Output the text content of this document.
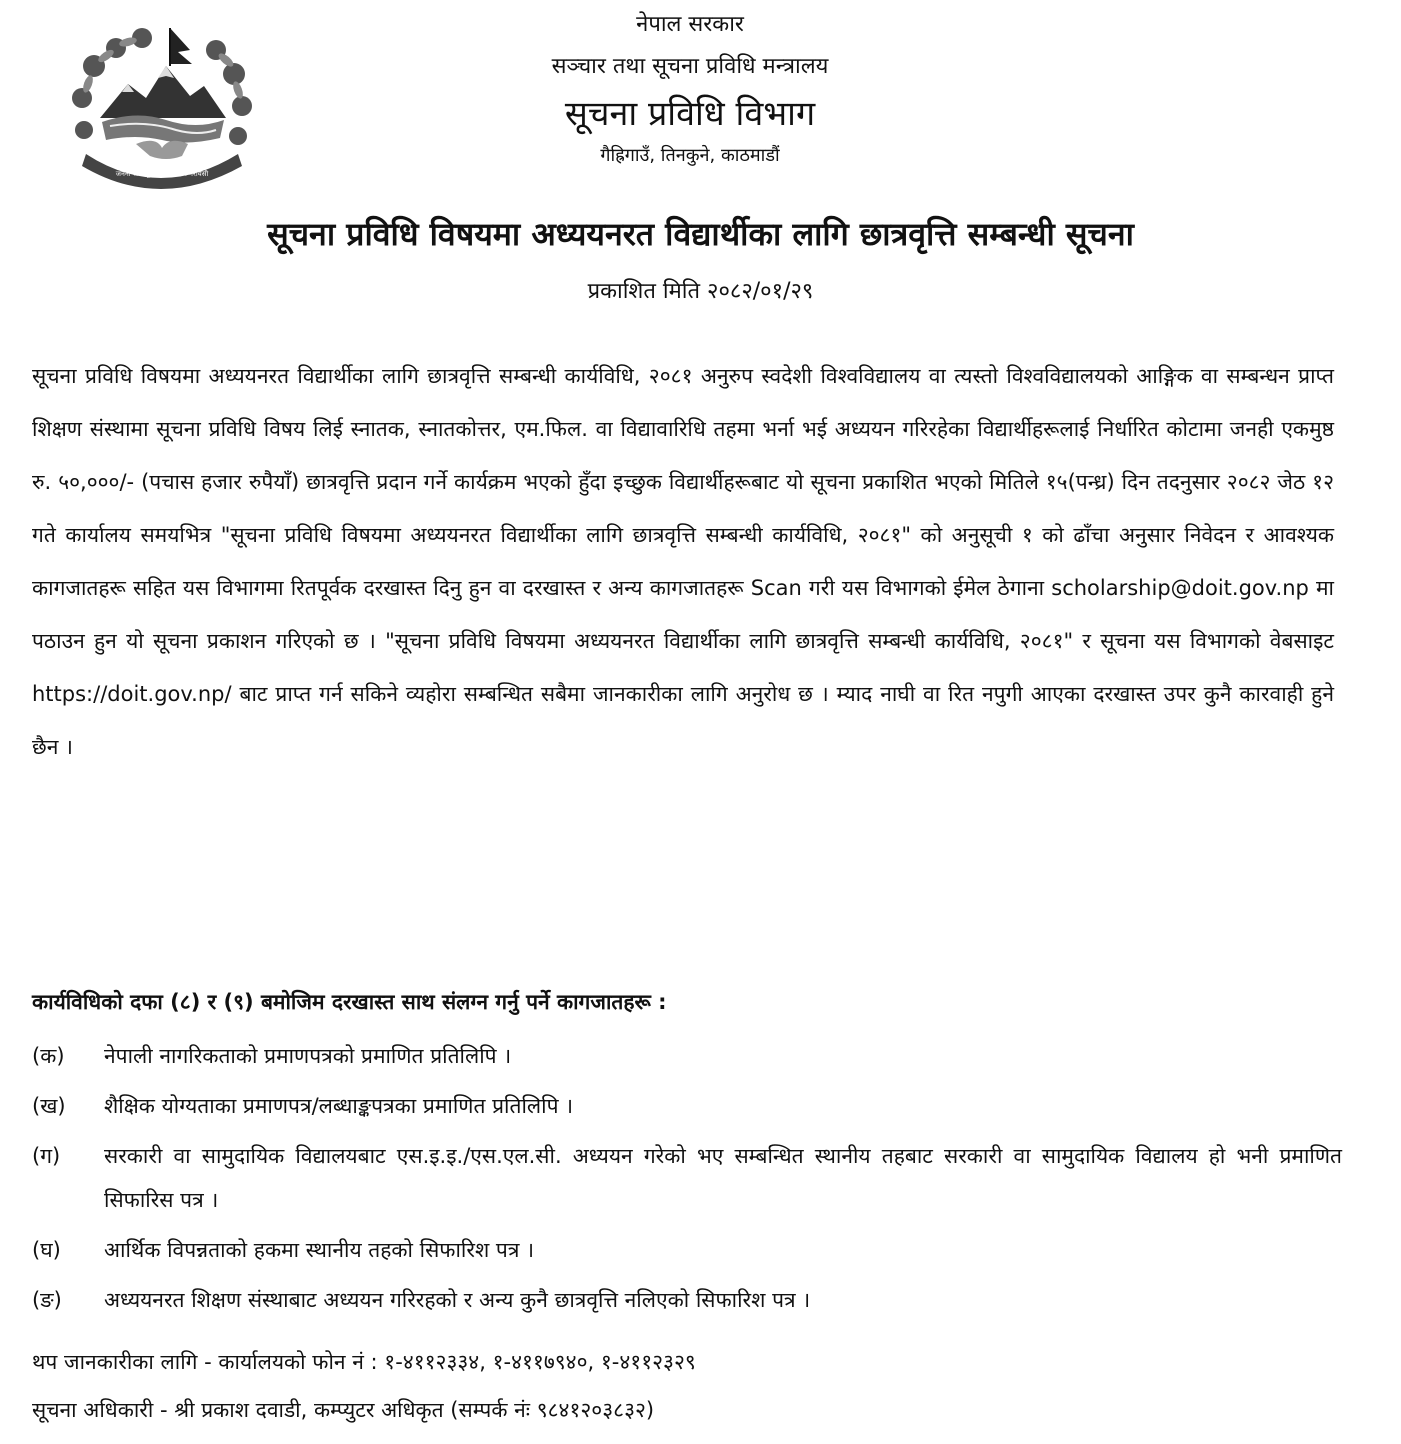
जननी जन्मभूमिश्च स्वर्गादपि गरीयसी
नेपाल सरकार
सञ्चार तथा सूचना प्रविधि मन्त्रालय
सूचना प्रविधि विभाग
गैह्रिगाउँ, तिनकुने, काठमाडौं
सूचना प्रविधि विषयमा अध्ययनरत विद्यार्थीका लागि छात्रवृत्ति सम्बन्धी सूचना
प्रकाशित मिति २०८२/०१/२९

सूचना प्रविधि विषयमा अध्ययनरत विद्यार्थीका लागि छात्रवृत्ति सम्बन्धी कार्यविधि, २०८१ अनुरुप स्वदेशी विश्वविद्यालय वा त्यस्तो विश्वविद्यालयको आङ्गिक वा सम्बन्धन प्राप्त शिक्षण संस्थामा सूचना प्रविधि विषय लिई स्नातक, स्नातकोत्तर, एम.फिल. वा विद्यावारिधि तहमा भर्ना भई अध्ययन गरिरहेका विद्यार्थीहरूलाई निर्धारित कोटामा जनही एकमुष्ठ रु. ५०,०००/- (पचास हजार रुपैयाँ) छात्रवृत्ति प्रदान गर्ने कार्यक्रम भएको हुँदा इच्छुक विद्यार्थीहरूबाट यो सूचना प्रकाशित भएको मितिले १५(पन्ध्र) दिन तदनुसार २०८२ जेठ १२ गते कार्यालय समयभित्र "सूचना प्रविधि विषयमा अध्ययनरत विद्यार्थीका लागि छात्रवृत्ति सम्बन्धी कार्यविधि, २०८१" को अनुसूची १ को ढाँचा अनुसार निवेदन र आवश्यक कागजातहरू सहित यस विभागमा रितपूर्वक दरखास्त दिनु हुन वा दरखास्त र अन्य कागजातहरू Scan गरी यस विभागको ईमेल ठेगाना scholarship@doit.gov.np मा पठाउन हुन यो सूचना प्रकाशन गरिएको छ । "सूचना प्रविधि विषयमा अध्ययनरत विद्यार्थीका लागि छात्रवृत्ति सम्बन्धी कार्यविधि, २०८१" र सूचना यस विभागको वेबसाइट https://doit.gov.np/ बाट प्राप्त गर्न सकिने व्यहोरा सम्बन्धित सबैमा जानकारीका लागि अनुरोध छ । म्याद नाघी वा रित नपुगी आएका दरखास्त उपर कुनै कारवाही हुने छैन ।

कार्यविधिको दफा (८) र (९) बमोजिम दरखास्त साथ संलग्न गर्नु पर्ने कागजातहरू :
(क)	नेपाली नागरिकताको प्रमाणपत्रको प्रमाणित प्रतिलिपि ।
(ख)	शैक्षिक योग्यताका प्रमाणपत्र/लब्धाङ्कपत्रका प्रमाणित प्रतिलिपि ।
(ग)	सरकारी वा सामुदायिक विद्यालयबाट एस.इ.इ./एस.एल.सी. अध्ययन गरेको भए सम्बन्धित स्थानीय तहबाट सरकारी वा सामुदायिक विद्यालय हो भनी प्रमाणित सिफारिस पत्र ।
(घ)	आर्थिक विपन्नताको हकमा स्थानीय तहको सिफारिश पत्र ।
(ङ)	अध्ययनरत शिक्षण संस्थाबाट अध्ययन गरिरहको र अन्य कुनै छात्रवृत्ति नलिएको सिफारिश पत्र ।
थप जानकारीका लागि - कार्यालयको फोन नं : १-४११२३३४, १-४११७९४०, १-४११२३२९
सूचना अधिकारी - श्री प्रकाश दवाडी, कम्प्युटर अधिकृत (सम्पर्क नंः ९८४१२०३८३२)
